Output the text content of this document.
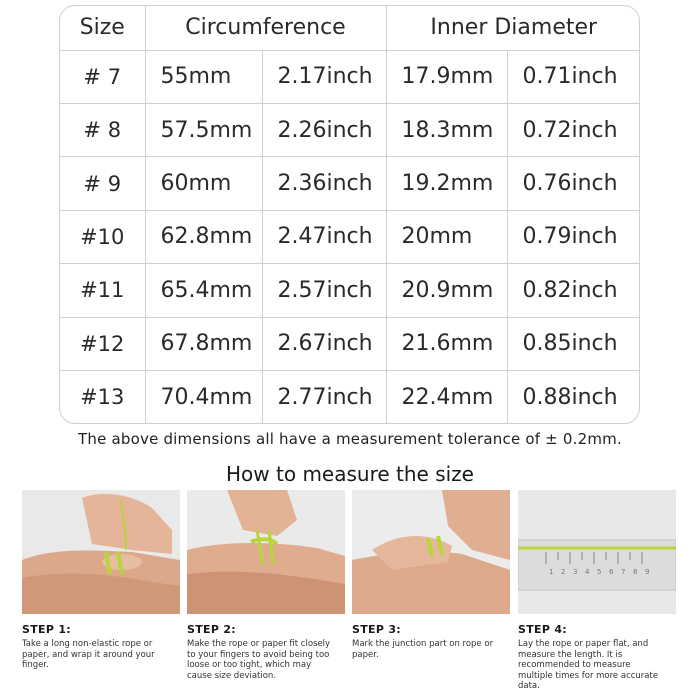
Size	Circumference		Inner Diameter	
# 7	55mm	2.17inch	17.9mm	0.71inch
# 8	57.5mm	2.26inch	18.3mm	0.72inch
# 9	60mm	2.36inch	19.2mm	0.76inch
#10	62.8mm	2.47inch	20mm	0.79inch
#11	65.4mm	2.57inch	20.9mm	0.82inch
#12	67.8mm	2.67inch	21.6mm	0.85inch
#13	70.4mm	2.77inch	22.4mm	0.88inch
The above dimensions all have a measurement tolerance of ± 0.2mm.
How to measure the size
STEP 1:
Take a long non-elastic rope or paper, and wrap it around your finger.
STEP 2:
Make the rope or paper fit closely to your fingers to avoid being too loose or too tight, which may cause size deviation.
STEP 3:
Mark the junction part on rope or paper.
1 2 3 4 5 6 7 8 9
STEP 4:
Lay the rope or paper flat, and measure the length. It is recommended to measure multiple times for more accurate data.
